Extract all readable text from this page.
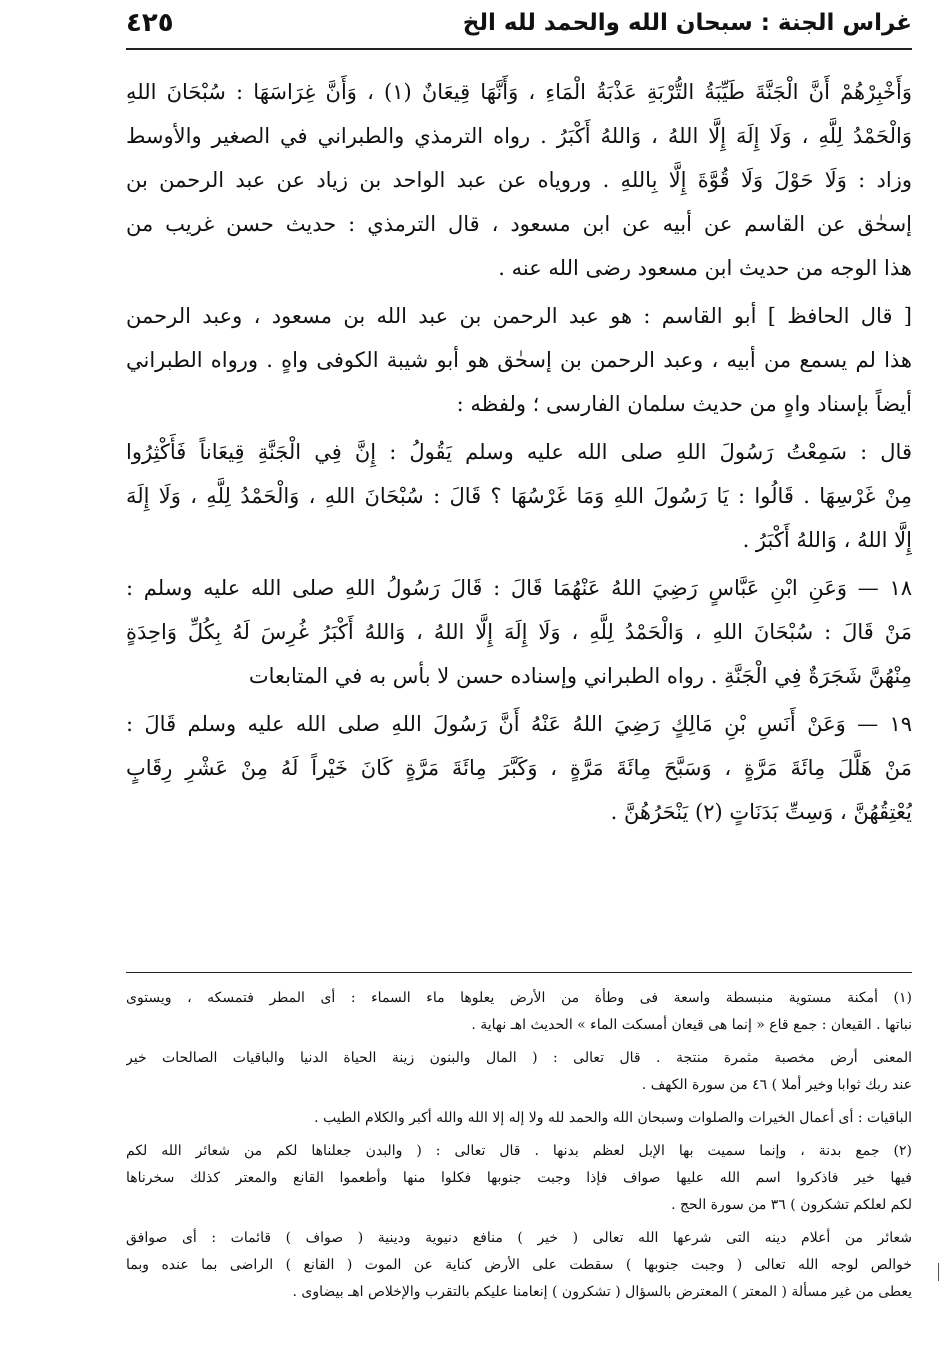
غراس الجنة : سبحان الله والحمد لله الخ
٤٢٥
وَأَخْبِرْهُمْ أَنَّ الْجَنَّةَ طَيِّبَةُ التُّرْبَةِ عَذْبَةُ الْمَاءِ ، وَأَنَّهَا قِيعَانٌ (١) ، وَأَنَّ غِرَاسَهَا : سُبْحَانَ اللهِ
وَالْحَمْدُ لِلَّهِ ، وَلَا إِلَهَ إِلَّا اللهُ ، وَاللهُ أَكْبَرُ . رواه الترمذي والطبراني في الصغير والأوسط
وزاد : وَلَا حَوْلَ وَلَا قُوَّةَ إِلَّا بِاللهِ . وروياه عن عبد الواحد بن زياد عن عبد الرحمن بن
إسحٰق عن القاسم عن أبيه عن ابن مسعود ، قال الترمذي : حديث حسن غريب من
هذا الوجه من حديث ابن مسعود رضى الله عنه .
[ قال الحافظ ] أبو القاسم : هو عبد الرحمن بن عبد الله بن مسعود ، وعبد الرحمن
هذا لم يسمع من أبيه ، وعبد الرحمن بن إسحٰق هو أبو شيبة الكوفى واهٍ . ورواه الطبراني
أيضاً بإسناد واهٍ من حديث سلمان الفارسى ؛ ولفظه :
قال : سَمِعْتُ رَسُولَ اللهِ صلى الله عليه وسلم يَقُولُ : إِنَّ فِي الْجَنَّةِ قِيعَاناً فَأَكْثِرُوا
مِنْ غَرْسِهَا . قَالُوا : يَا رَسُولَ اللهِ وَمَا غَرْسُهَا ؟ قَالَ : سُبْحَانَ اللهِ ، وَالْحَمْدُ لِلَّهِ ، وَلَا إِلَهَ
إِلَّا اللهُ ، وَاللهُ أَكْبَرُ .
١٨ — وَعَنِ ابْنِ عَبَّاسٍ رَضِيَ اللهُ عَنْهُمَا قَالَ : قَالَ رَسُولُ اللهِ صلى الله عليه وسلم :
مَنْ قَالَ : سُبْحَانَ اللهِ ، وَالْحَمْدُ لِلَّهِ ، وَلَا إِلَهَ إِلَّا اللهُ ، وَاللهُ أَكْبَرُ غُرِسَ لَهُ بِكُلِّ وَاحِدَةٍ
مِنْهُنَّ شَجَرَةٌ فِي الْجَنَّةِ . رواه الطبراني وإسناده حسن لا بأس به في المتابعات
١٩ — وَعَنْ أَنَسِ بْنِ مَالِكٍ رَضِيَ اللهُ عَنْهُ أَنَّ رَسُولَ اللهِ صلى الله عليه وسلم قَالَ :
مَنْ هَلَّلَ مِائَةَ مَرَّةٍ ، وَسَبَّحَ مِائَةَ مَرَّةٍ ، وَكَبَّرَ مِائَةَ مَرَّةٍ كَانَ خَيْراً لَهُ مِنْ عَشْرِ رِقَابٍ
يُعْتِقُهُنَّ ، وَسِتِّ بَدَنَاتٍ (٢) يَنْحَرُهُنَّ .
(١) أمكنة مستوية منبسطة واسعة فى وطأة من الأرض يعلوها ماء السماء : أى المطر فتمسكه ، ويستوى
نباتها . القيعان : جمع قاع « إنما هى قيعان أمسكت الماء » الحديث اهـ نهاية .
المعنى أرض مخصبة مثمرة منتجة . قال تعالى : ( المال والبنون زينة الحياة الدنيا والباقيات الصالحات خير
عند ربك ثوابا وخير أملا ) ٤٦ من سورة الكهف .
الباقيات : أى أعمال الخيرات والصلوات وسبحان الله والحمد لله ولا إله إلا الله والله أكبر والكلام الطيب .
(٢) جمع بدنة ، وإنما سميت بها الإبل لعظم بدنها . قال تعالى : ( والبدن جعلناها لكم من شعائر الله لكم
فيها خير فاذكروا اسم الله عليها صواف فإذا وجبت جنوبها فكلوا منها وأطعموا القانع والمعتر كذلك سخرناها
لكم لعلكم تشكرون ) ٣٦ من سورة الحج .
شعائر من أعلام دينه التى شرعها الله تعالى ( خير ) منافع دنيوية ودينية ( صواف ) قائمات : أى صوافق
خوالص لوجه الله تعالى ( وجبت جنوبها ) سقطت على الأرض كناية عن الموت ( القانع ) الراضى بما عنده وبما
يعطى من غير مسألة ( المعتر ) المعترض بالسؤال ( تشكرون ) إنعامنا عليكم بالتقرب والإخلاص اهـ بيضاوى .
